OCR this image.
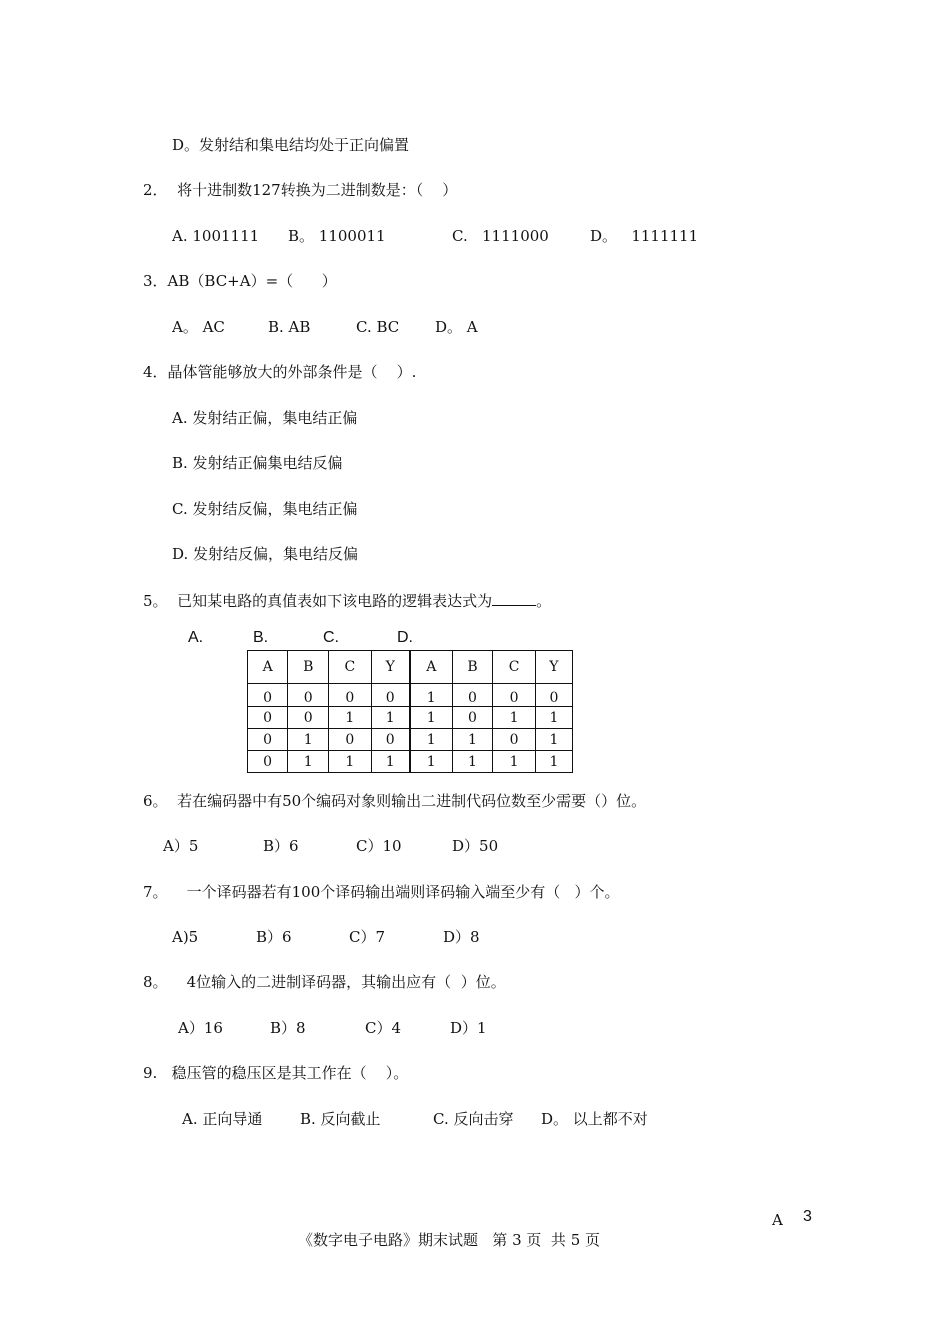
D。发射结和集电结均处于正向偏置
2．  将十进制数127转换为二进制数是：（    ）
A. 1001111 B。 1100011	C.   1111000	D。   1111111
3．AB（BC+A）=（      ）
A。 AC	B. AB	C. BC D。 A
4．晶体管能够放大的外部条件是（    ）.
A. 发射结正偏，集电结正偏
B. 发射结正偏集电结反偏
C. 发射结反偏，集电结正偏
D. 发射结反偏，集电结反偏
5。  已知某电路的真值表如下该电路的逻辑表达式为	。
A.	B.	C.	D.
A	B	C	Y	A	B	C	Y
0	0	0	0	1	0	0	0
0	0	1	1	1	0	1	1
0	1	0	0	1	1	0	1
0	1	1	1	1	1	1	1
6。  若在编码器中有50个编码对象则输出二进制代码位数至少需要（）位。
A）5	B）6	C）10	D）50
7。    一个译码器若有100个译码输出端则译码输入端至少有（   ）个。
A)5	B）6	C）7	D）8
8。    4位输入的二进制译码器，其输出应有（  ）位。
A）16	B）8	C）4	D）1
9.   稳压管的稳压区是其工作在（    ）。
A. 正向导通	B. 反向截止	C. 反向击穿 D。 以上都不对
A 3
《数字电子电路》期末试题   第 3 页  共 5 页
